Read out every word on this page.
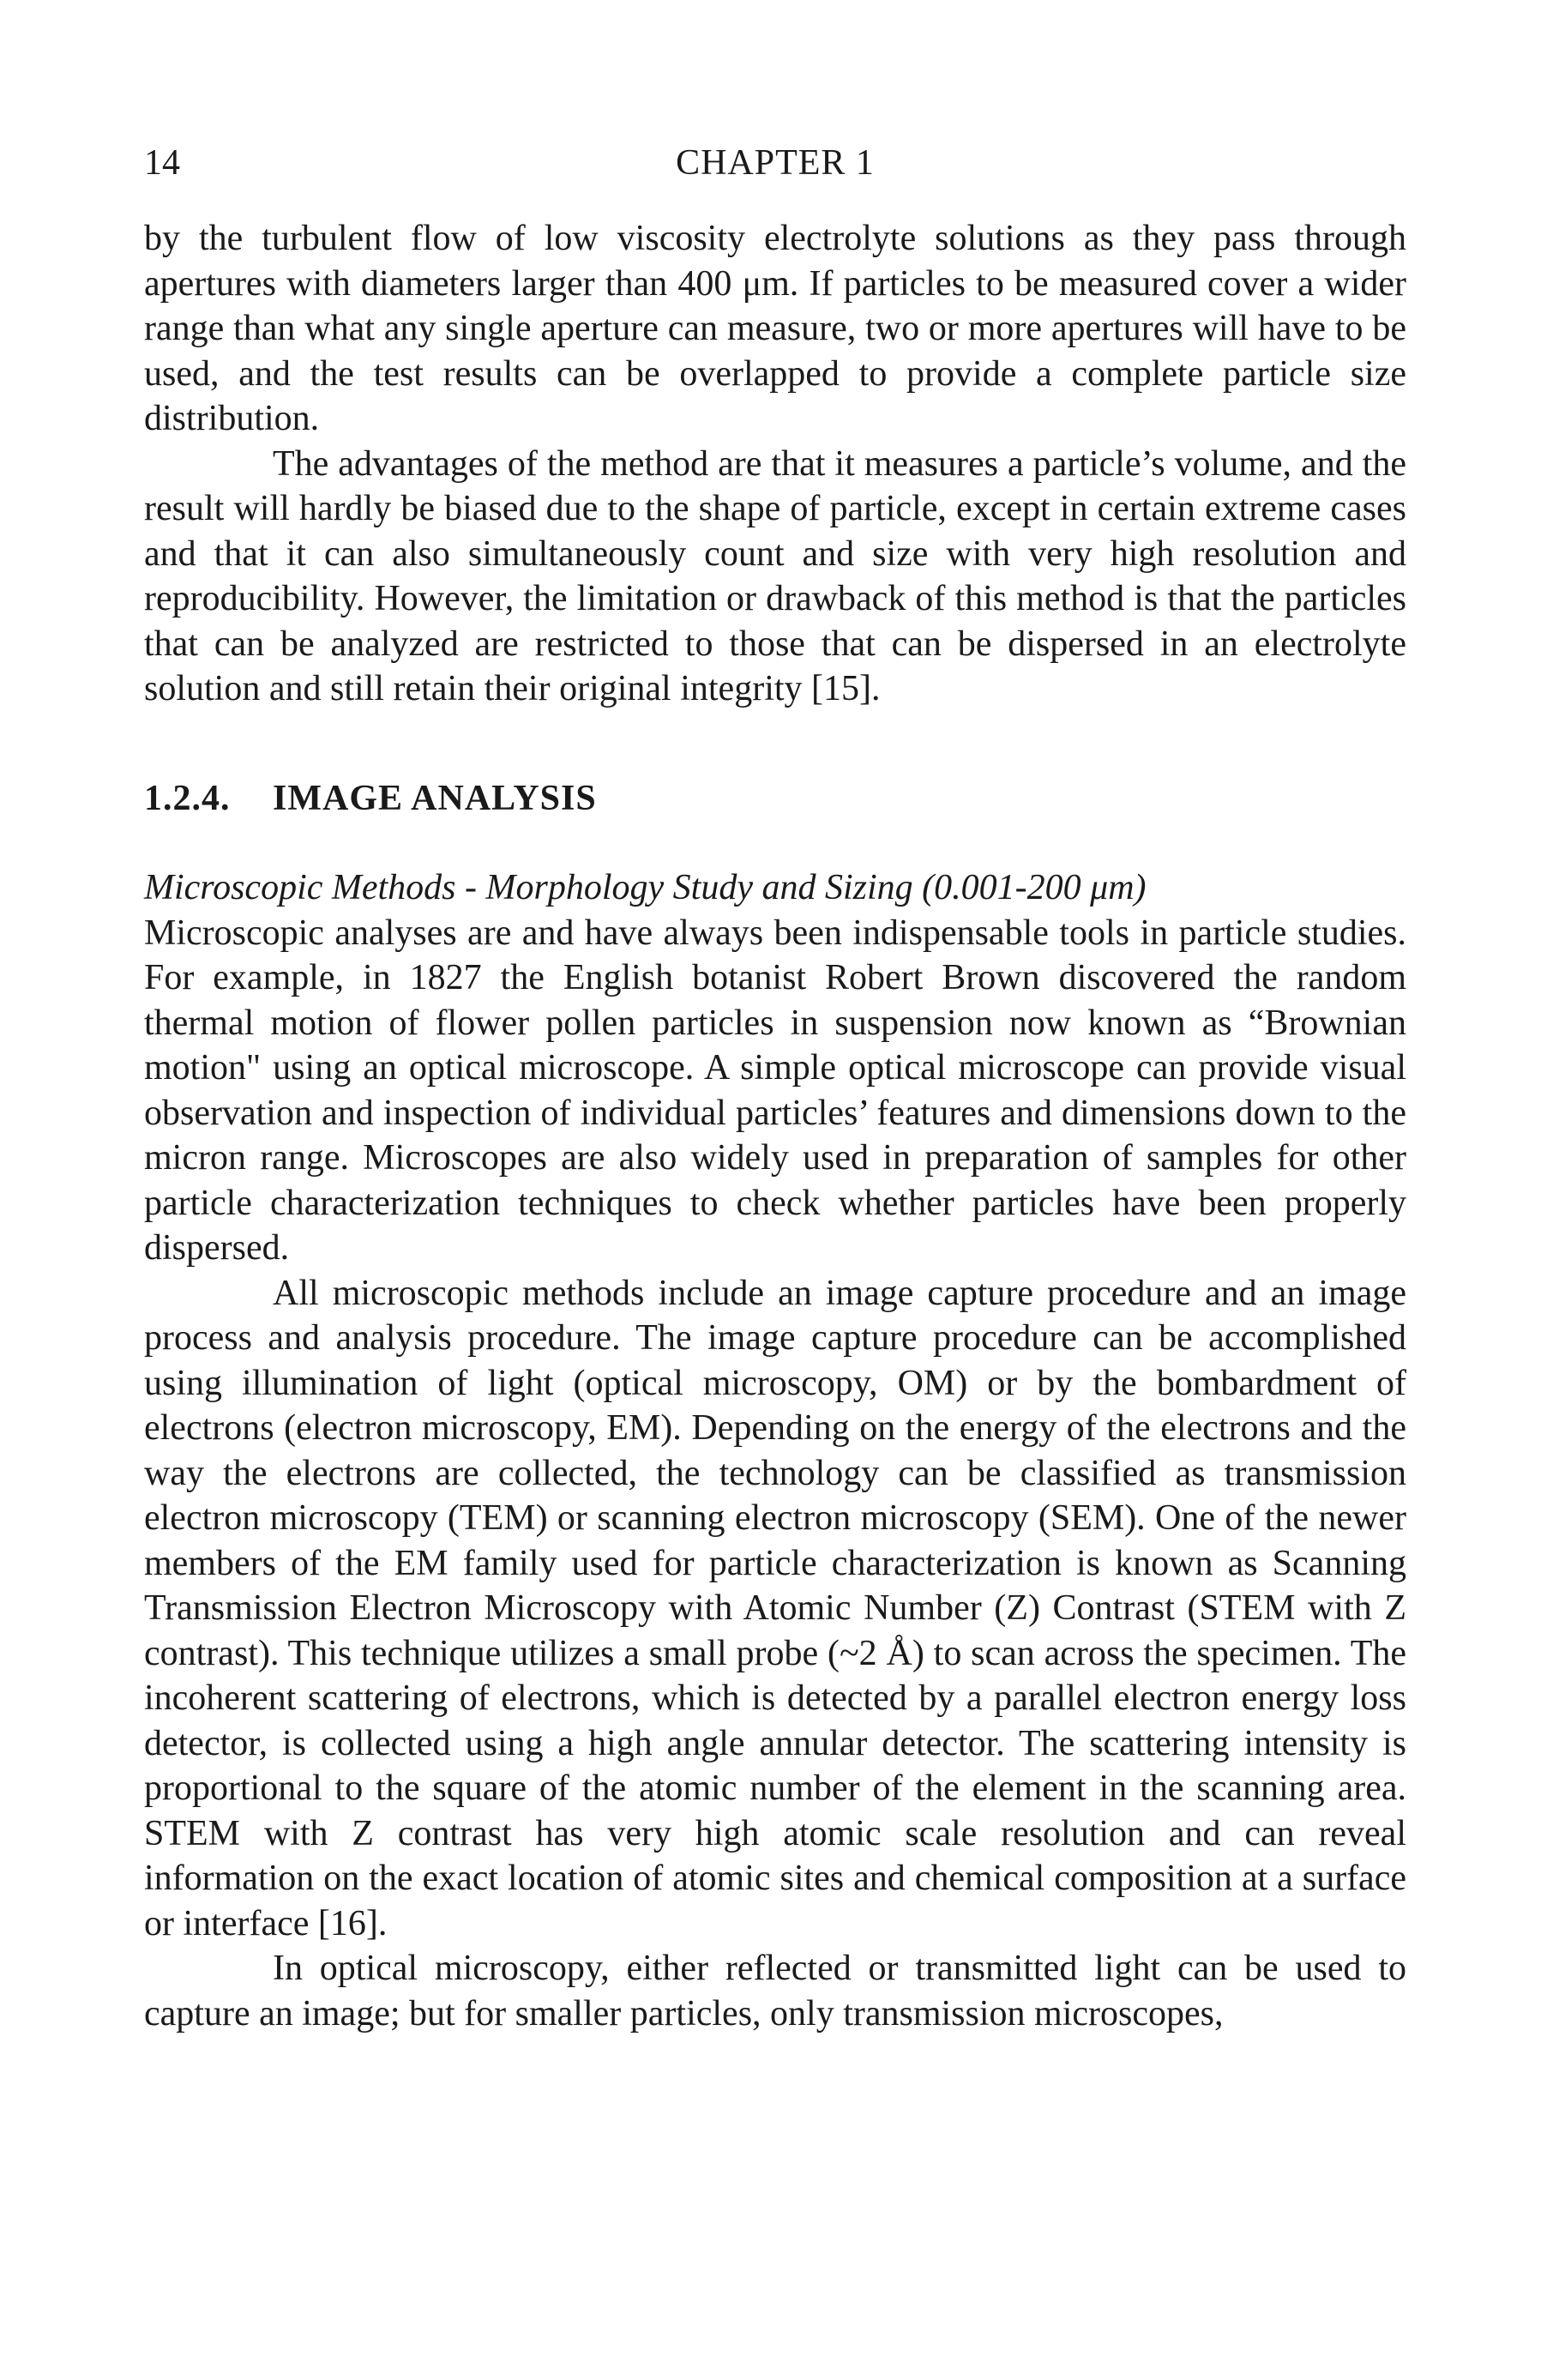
14	CHAPTER 1

by the turbulent flow of low viscosity electrolyte solutions as they pass through apertures with diameters larger than 400 μm. If particles to be measured cover a wider range than what any single aperture can measure, two or more apertures will have to be used, and the test results can be overlapped to provide a complete particle size distribution.

The advantages of the method are that it measures a particle’s volume, and the result will hardly be biased due to the shape of particle, except in certain extreme cases and that it can also simultaneously count and size with very high resolution and reproducibility. However, the limitation or drawback of this method is that the particles that can be analyzed are restricted to those that can be dispersed in an electrolyte solution and still retain their original integrity [15].

1.2.4. IMAGE ANALYSIS

Microscopic Methods - Morphology Study and Sizing (0.001-200 μm)

Microscopic analyses are and have always been indispensable tools in particle studies. For example, in 1827 the English botanist Robert Brown discovered the random thermal motion of flower pollen particles in suspension now known as “Brownian motion" using an optical microscope. A simple optical microscope can provide visual observation and inspection of individual particles’ features and dimensions down to the micron range. Microscopes are also widely used in preparation of samples for other particle characterization techniques to check whether particles have been properly dispersed.

All microscopic methods include an image capture procedure and an image process and analysis procedure. The image capture procedure can be accomplished using illumination of light (optical microscopy, OM) or by the bombardment of electrons (electron microscopy, EM). Depending on the energy of the electrons and the way the electrons are collected, the technology can be classified as transmission electron microscopy (TEM) or scanning electron microscopy (SEM). One of the newer members of the EM family used for particle characterization is known as Scanning Transmission Electron Microscopy with Atomic Number (Z) Contrast (STEM with Z contrast). This technique utilizes a small probe (~2 Å) to scan across the specimen. The incoherent scattering of electrons, which is detected by a parallel electron energy loss detector, is collected using a high angle annular detector. The scattering intensity is proportional to the square of the atomic number of the element in the scanning area. STEM with Z contrast has very high atomic scale resolution and can reveal information on the exact location of atomic sites and chemical composition at a surface or interface [16].

In optical microscopy, either reflected or transmitted light can be used to capture an image; but for smaller particles, only transmission microscopes,
